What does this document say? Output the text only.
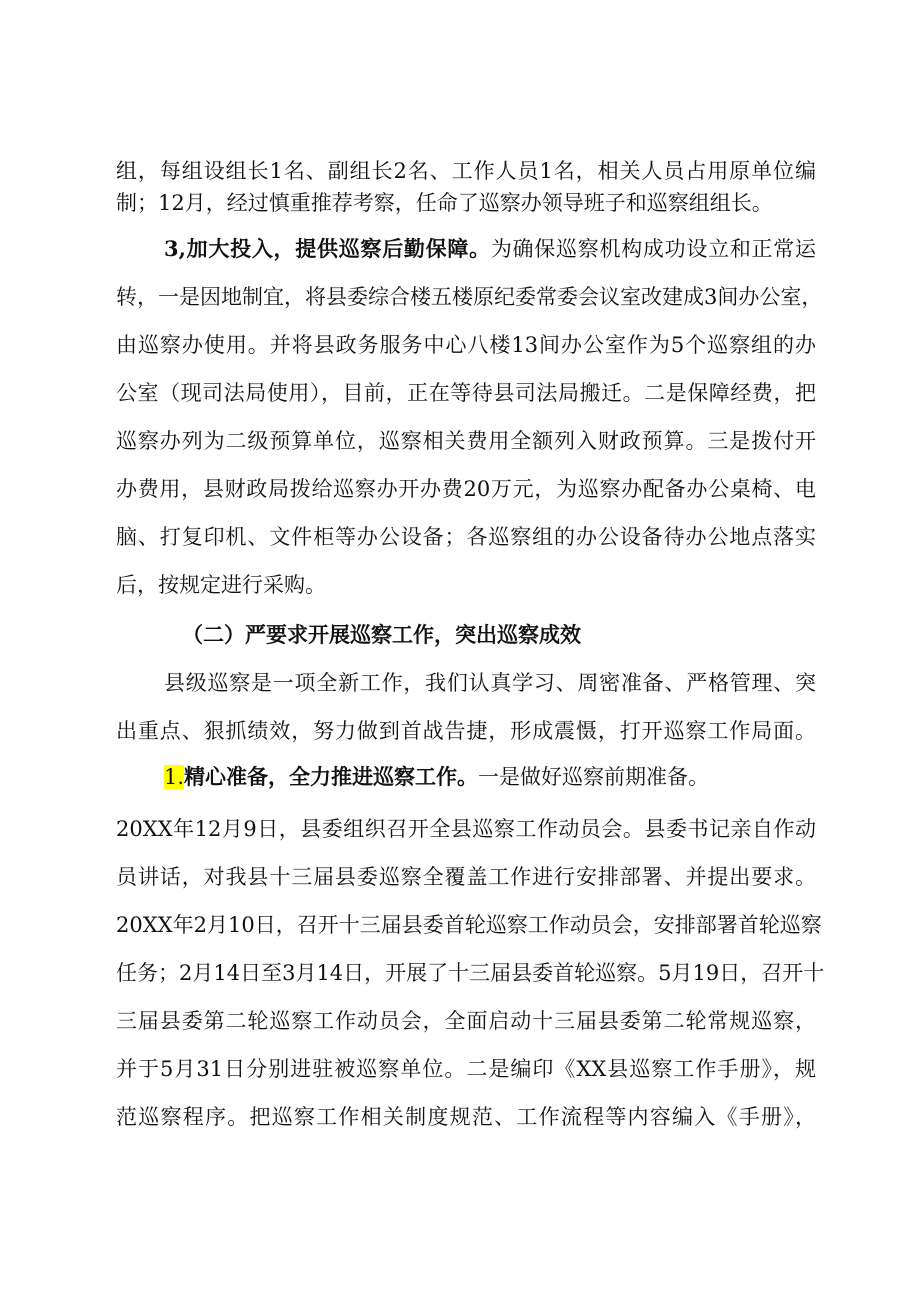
组，每组设组长1名、副组长2名、工作人员1名，相关人员占用原单位编
制；12月，经过慎重推荐考察，任命了巡察办领导班子和巡察组组长。
3,加大投入，提供巡察后勤保障。为确保巡察机构成功设立和正常运
转，一是因地制宜，将县委综合楼五楼原纪委常委会议室改建成3间办公室，
由巡察办使用。并将县政务服务中心八楼13间办公室作为5个巡察组的办
公室（现司法局使用），目前，正在等待县司法局搬迁。二是保障经费，把
巡察办列为二级预算单位，巡察相关费用全额列入财政预算。三是拨付开
办费用，县财政局拨给巡察办开办费20万元，为巡察办配备办公桌椅、电
脑、打复印机、文件柜等办公设备；各巡察组的办公设备待办公地点落实
后，按规定进行采购。
（二）严要求开展巡察工作，突出巡察成效
县级巡察是一项全新工作，我们认真学习、周密准备、严格管理、突
出重点、狠抓绩效，努力做到首战告捷，形成震慑，打开巡察工作局面。
1.精心准备，全力推进巡察工作。一是做好巡察前期准备。
20XX年12月9日，县委组织召开全县巡察工作动员会。县委书记亲自作动
员讲话，对我县十三届县委巡察全覆盖工作进行安排部署、并提出要求。
20XX年2月10日，召开十三届县委首轮巡察工作动员会，安排部署首轮巡察
任务；2月14日至3月14日，开展了十三届县委首轮巡察。5月19日，召开十
三届县委第二轮巡察工作动员会，全面启动十三届县委第二轮常规巡察，
并于5月31日分别进驻被巡察单位。二是编印《XX县巡察工作手册》，规
范巡察程序。把巡察工作相关制度规范、工作流程等内容编入《手册》，
